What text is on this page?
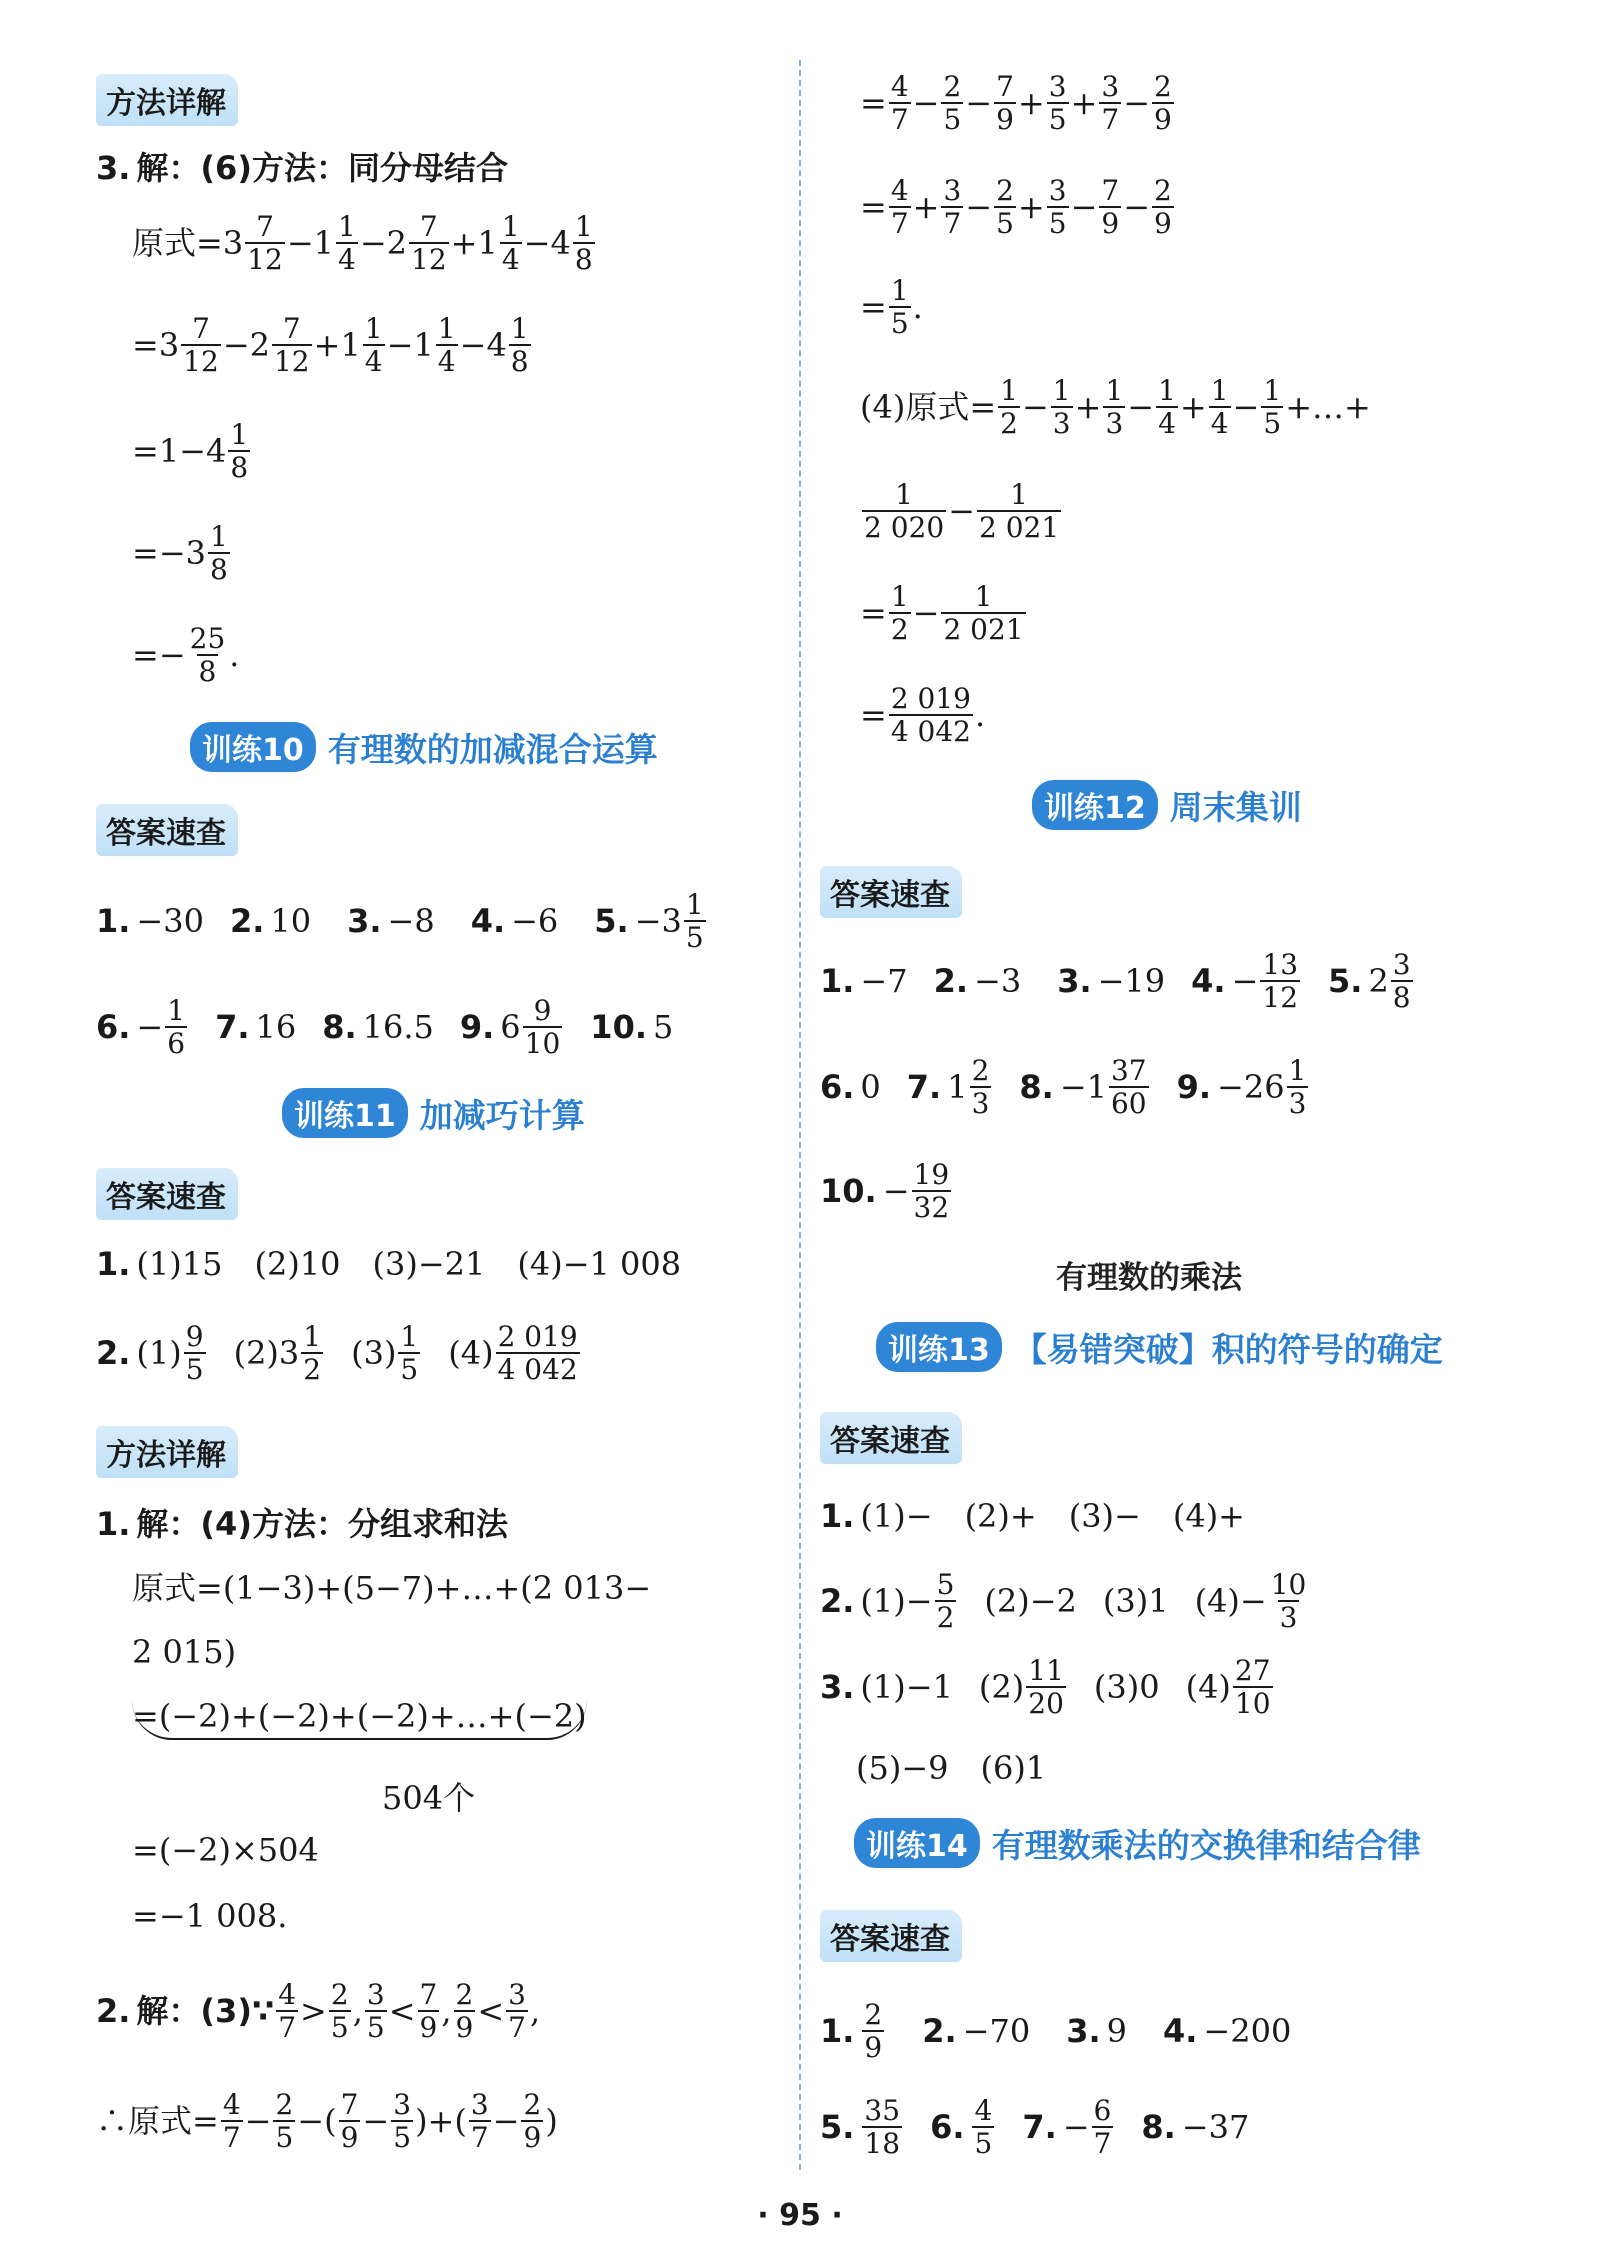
方法详解
3. 解：(6)方法：同分母结合
原式$=3 \frac{7}{12} -1 \frac{1}{4} -2 \frac{7}{12} +1 \frac{1}{4} -4 \frac{1}{8}$
$=3 \frac{7}{12} -2 \frac{7}{12} +1 \frac{1}{4} -1 \frac{1}{4} -4 \frac{1}{8}$
$=1-4 \frac{1}{8}$
$=-3 \frac{1}{8}$
=− $\frac{25}{8}$ .
训练10 有理数的加减混合运算
答案速查
1. −30 2. 10 3. −8 4. −6 5. $-3 \frac{1}{5}$
6. − $\frac{1}{6} 7$. 16 8. 16.5 9. $6 \frac{9}{10} 10$. 5
训练11 加减巧计算
答案速查
1. (1)15　(2)10　(3)−21　(4)−1 008
2. $(1) \frac{9}{5} (2)3 \frac{1}{2} (3) \frac{1}{5} (4) \frac{2 019}{4 042}$
方法详解
1. 解：(4)方法：分组求和法
原式=(1−3)+(5−7)+…+(2 013−
2 015)
=(−2)+(−2)+(−2)+…+(−2)
504个
=(−2)×504
=−1 008.
2. 解：(3)∵ $\frac{4}{7} > \frac{2}{5}$ , $\frac{3}{5} < \frac{7}{9}$ , $\frac{2}{9} < \frac{3}{7}$ ,
∴原式= $\frac{4}{7} - \frac{2}{5}$ −( $\frac{7}{9} - \frac{3}{5}$ )+( $\frac{3}{7} - \frac{2}{9}$ )
= $\frac{4}{7} - \frac{2}{5} - \frac{7}{9} + \frac{3}{5} + \frac{3}{7} - \frac{2}{9}$
= $\frac{4}{7} + \frac{3}{7} - \frac{2}{5} + \frac{3}{5} - \frac{7}{9} - \frac{2}{9}$
= $\frac{1}{5}$ .
(4)原式= $\frac{1}{2} - \frac{1}{3} + \frac{1}{3} - \frac{1}{4} + \frac{1}{4} - \frac{1}{5}$ +…+
$\frac{1}{2 020} - \frac{1}{2 021}$
= $\frac{1}{2} - \frac{1}{2 021}$
= $\frac{2 019}{4 042}$ .
训练12 周末集训
答案速查
1. −7 2. −3 3. −19 4. − $\frac{13}{12} 5$. $2 \frac{3}{8}$
6. 0 7. $1 \frac{2}{3} 8$. $-1 \frac{37}{60} 9$. $-26 \frac{1}{3}$
10. − $\frac{19}{32}$
有理数的乘法
训练13 【易错突破】积的符号的确定
答案速查
1. (1)−　(2)+　(3)−　(4)+
2. $(1)- \frac{5}{2} (2)-2$ (3)1 $(4)- \frac{10}{3}$
3. (1)−1 $(2) \frac{11}{20} (3)0$ $(4) \frac{27}{10}$
(5)−9　(6)1
训练14 有理数乘法的交换律和结合律
答案速查
1. $\frac{2}{9} 2$. −70 3. 9 4. −200
5. $\frac{35}{18} 6$. $\frac{4}{5} 7$. − $\frac{6}{7} 8$. −37
· 95 ·
